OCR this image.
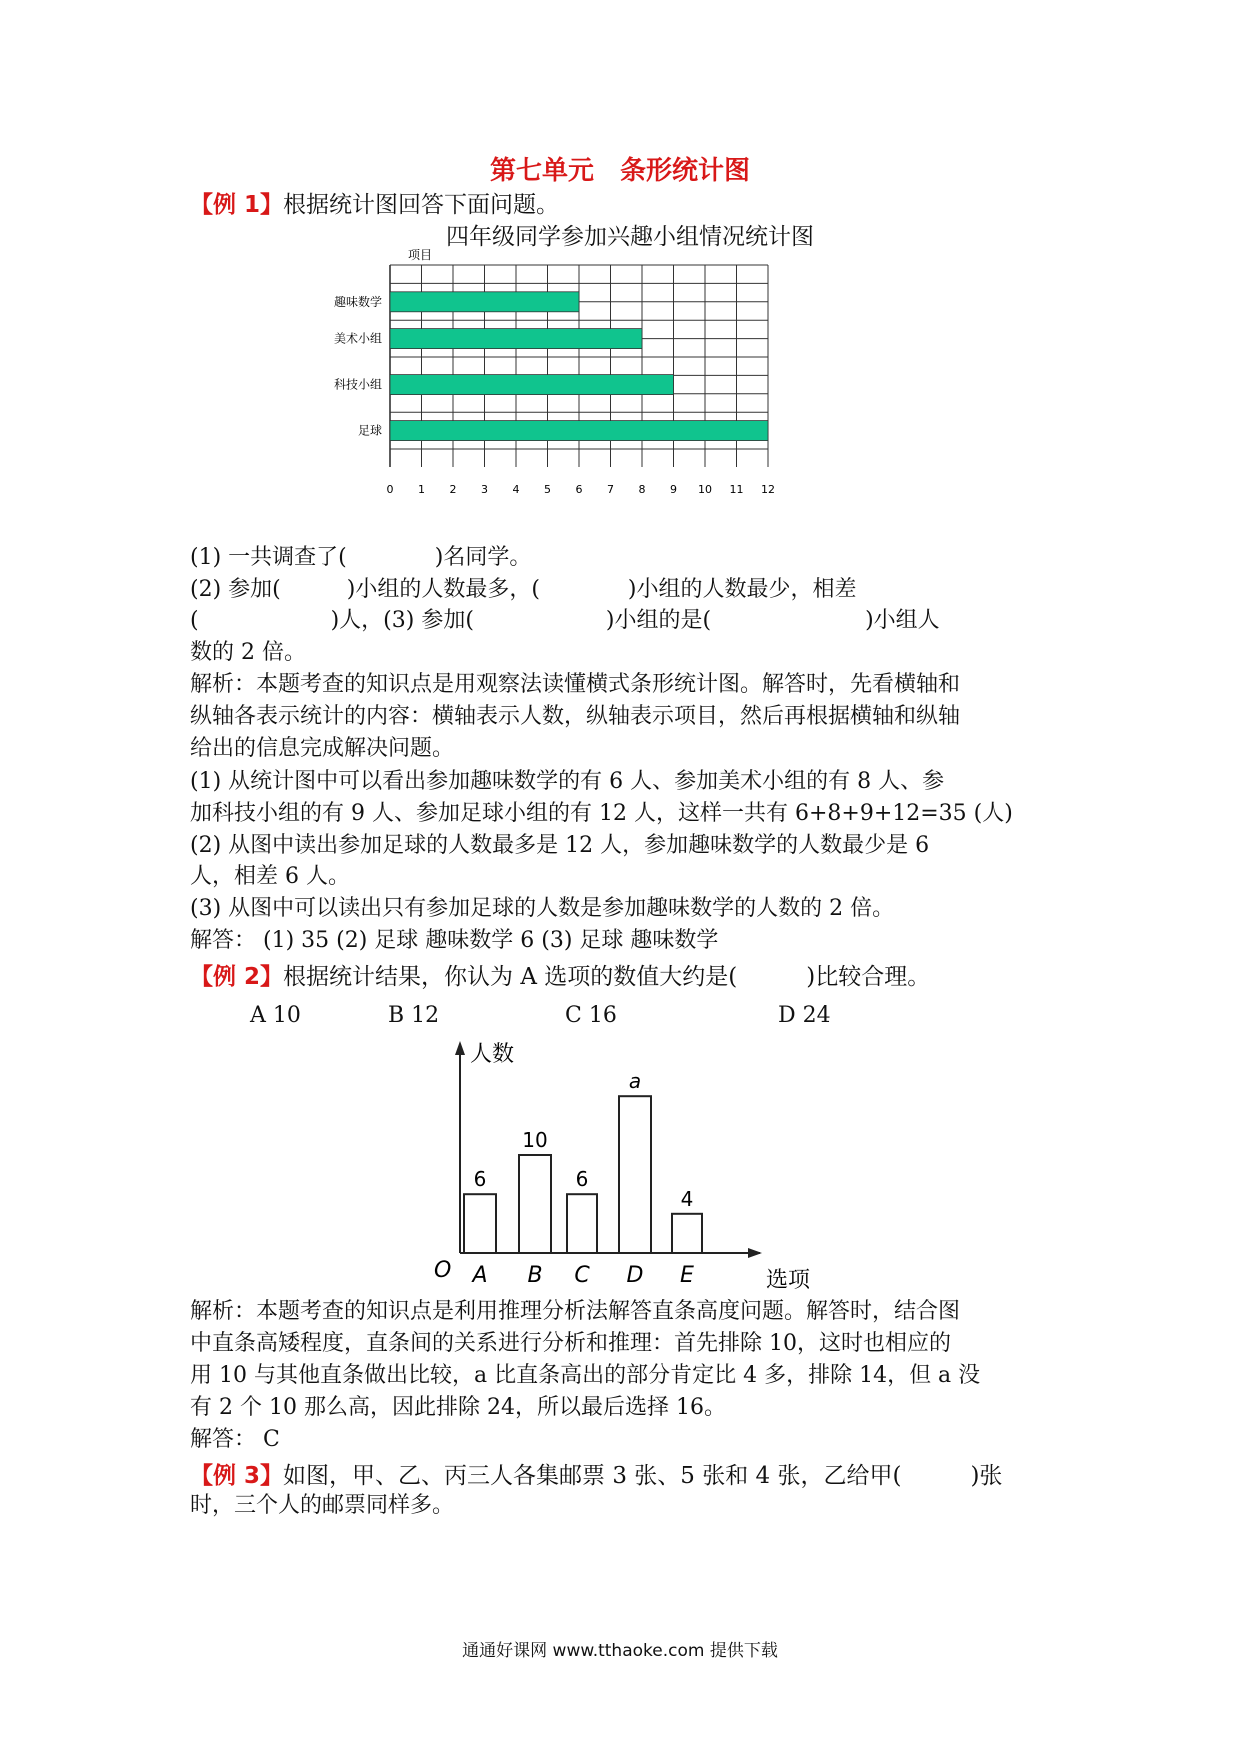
第七单元　条形统计图
【例 1】根据统计图回答下面问题。
四年级同学参加兴趣小组情况统计图
0 1 2 3 4 5 6 7 8 9 10 11 12
项目
趣味数学
美术小组
科技小组
足球
(1) 一共调查了(　　　　)名同学。
(2) 参加(　　　)小组的人数最多，(　　　　)小组的人数最少，相差
(　　　　　　)人，(3) 参加(　　　　　　)小组的是(　　　　　　　)小组人
数的 2 倍。
解析：本题考查的知识点是用观察法读懂横式条形统计图。解答时，先看横轴和
纵轴各表示统计的内容：横轴表示人数，纵轴表示项目，然后再根据横轴和纵轴
给出的信息完成解决问题。
(1) 从统计图中可以看出参加趣味数学的有 6 人、参加美术小组的有 8 人、参
加科技小组的有 9 人、参加足球小组的有 12 人，这样一共有 6+8+9+12=35 (人)
(2) 从图中读出参加足球的人数最多是 12 人，参加趣味数学的人数最少是 6
人，相差 6 人。
(3) 从图中可以读出只有参加足球的人数是参加趣味数学的人数的 2 倍。
解答： (1) 35 (2) 足球 趣味数学 6 (3) 足球 趣味数学
【例 2】根据统计结果，你认为 A 选项的数值大约是(　　　)比较合理。
A 10	B 12	C 16	D 24
人数
选项
O
6
A
10
B
6
C
a
D
4
E
解析：本题考查的知识点是利用推理分析法解答直条高度问题。解答时，结合图
中直条高矮程度，直条间的关系进行分析和推理：首先排除 10，这时也相应的
用 10 与其他直条做出比较，a 比直条高出的部分肯定比 4 多，排除 14，但 a 没
有 2 个 10 那么高，因此排除 24，所以最后选择 16。
解答： C
【例 3】如图，甲、乙、丙三人各集邮票 3 张、5 张和 4 张，乙给甲(　　　)张
时，三个人的邮票同样多。
通通好课网 www.tthaoke.com 提供下载
